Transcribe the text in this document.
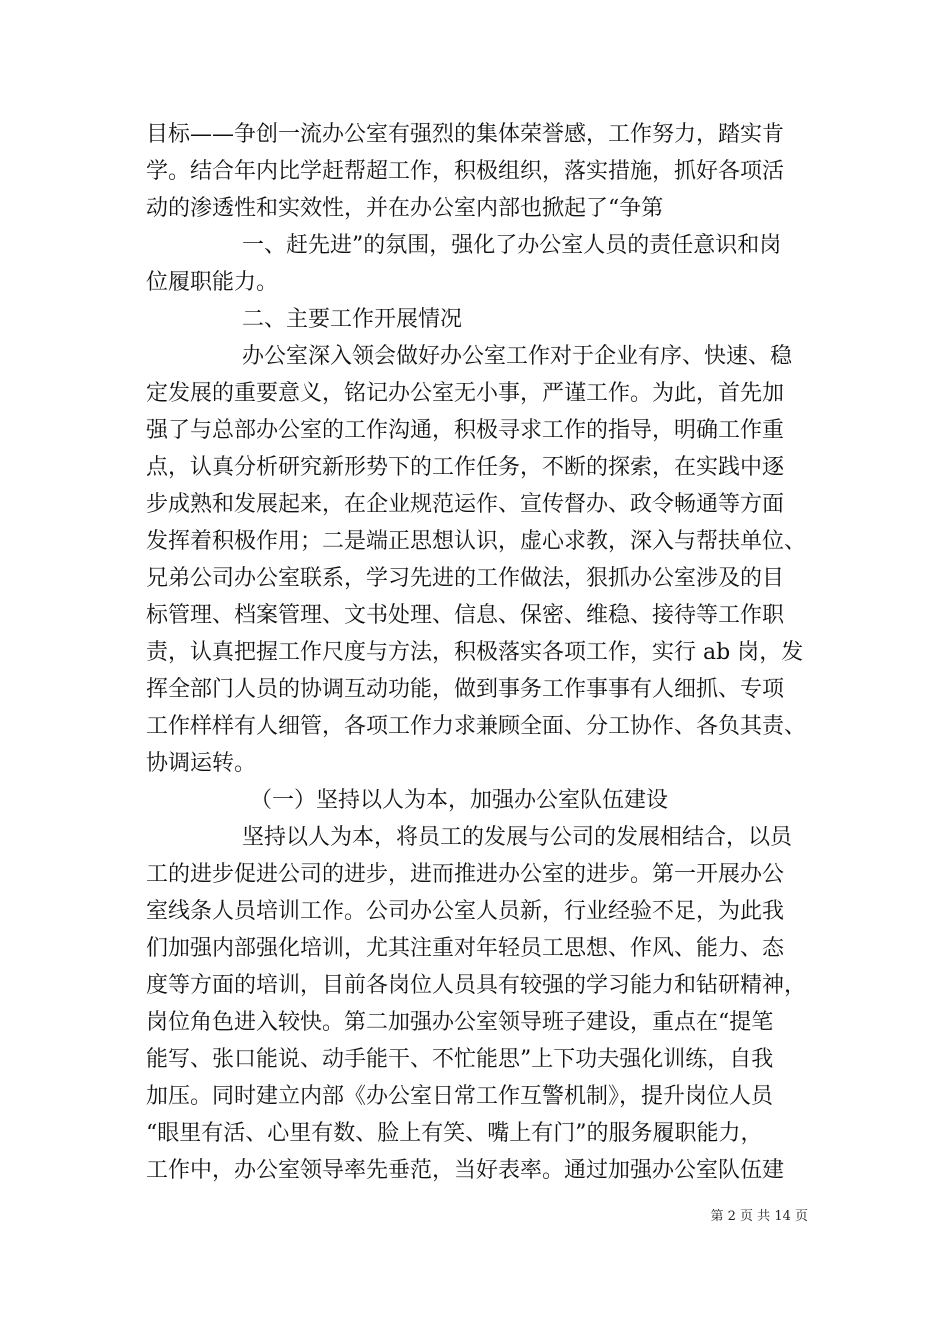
目标——争创一流办公室有强烈的集体荣誉感，工作努力，踏实肯
学。结合年内比学赶帮超工作，积极组织，落实措施，抓好各项活
动的渗透性和实效性，并在办公室内部也掀起了“争第
一、赶先进”的氛围，强化了办公室人员的责任意识和岗
位履职能力。
二、主要工作开展情况
办公室深入领会做好办公室工作对于企业有序、快速、稳
定发展的重要意义，铭记办公室无小事，严谨工作。为此，首先加
强了与总部办公室的工作沟通，积极寻求工作的指导，明确工作重
点，认真分析研究新形势下的工作任务，不断的探索，在实践中逐
步成熟和发展起来，在企业规范运作、宣传督办、政令畅通等方面
发挥着积极作用；二是端正思想认识，虚心求教，深入与帮扶单位、
兄弟公司办公室联系，学习先进的工作做法，狠抓办公室涉及的目
标管理、档案管理、文书处理、信息、保密、维稳、接待等工作职
责，认真把握工作尺度与方法，积极落实各项工作，实行 ab 岗，发
挥全部门人员的协调互动功能，做到事务工作事事有人细抓、专项
工作样样有人细管，各项工作力求兼顾全面、分工协作、各负其责、
协调运转。
（一）坚持以人为本，加强办公室队伍建设
坚持以人为本，将员工的发展与公司的发展相结合，以员
工的进步促进公司的进步，进而推进办公室的进步。第一开展办公
室线条人员培训工作。公司办公室人员新，行业经验不足，为此我
们加强内部强化培训，尤其注重对年轻员工思想、作风、能力、态
度等方面的培训，目前各岗位人员具有较强的学习能力和钻研精神，
岗位角色进入较快。第二加强办公室领导班子建设，重点在“提笔
能写、张口能说、动手能干、不忙能思”上下功夫强化训练，自我
加压。同时建立内部《办公室日常工作互警机制》，提升岗位人员
“眼里有活、心里有数、脸上有笑、嘴上有门”的服务履职能力，
工作中，办公室领导率先垂范，当好表率。通过加强办公室队伍建
第 2 页 共 14 页
